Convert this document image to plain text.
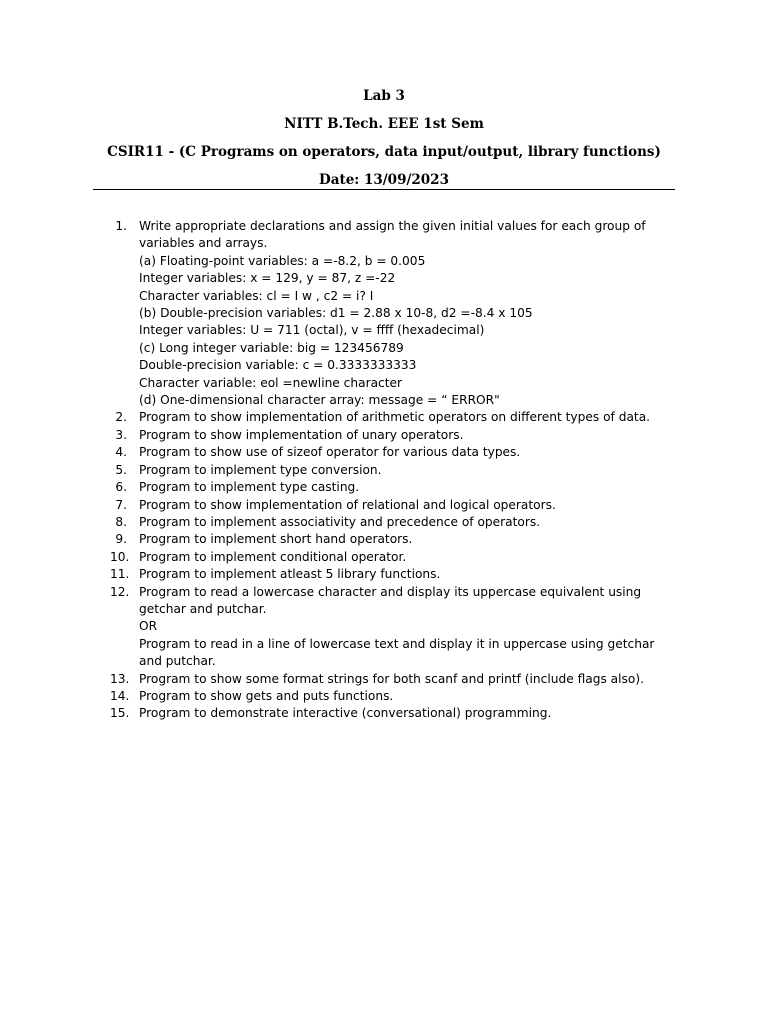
Lab 3
NITT B.Tech. EEE 1st Sem
CSIR11 - (C Programs on operators, data input/output, library functions)
Date: 13/09/2023
1. Write appropriate declarations and assign the given initial values for each group of variables and arrays.
(a) Floating-point variables: a =-8.2, b = 0.005
Integer variables: x = 129, y = 87, z =-22
Character variables: cl = I w , c2 = i? I
(b) Double-precision variables: d1 = 2.88 x 10-8, d2 =-8.4 x 105
Integer variables: U = 711 (octal), v = ffff (hexadecimal)
(c) Long integer variable: big = 123456789
Double-precision variable: c = 0.3333333333
Character variable: eol =newline character
(d) One-dimensional character array: message = “ ERROR"
2. Program to show implementation of arithmetic operators on different types of data.
3. Program to show implementation of unary operators.
4. Program to show use of sizeof operator for various data types.
5. Program to implement type conversion.
6. Program to implement type casting.
7. Program to show implementation of relational and logical operators.
8. Program to implement associativity and precedence of operators.
9. Program to implement short hand operators.
10. Program to implement conditional operator.
11. Program to implement atleast 5 library functions.
12. Program to read a lowercase character and display its uppercase equivalent using getchar and putchar.
OR
Program to read in a line of lowercase text and display it in uppercase using getchar and putchar.
13. Program to show some format strings for both scanf and printf (include flags also).
14. Program to show gets and puts functions.
15. Program to demonstrate interactive (conversational) programming.
